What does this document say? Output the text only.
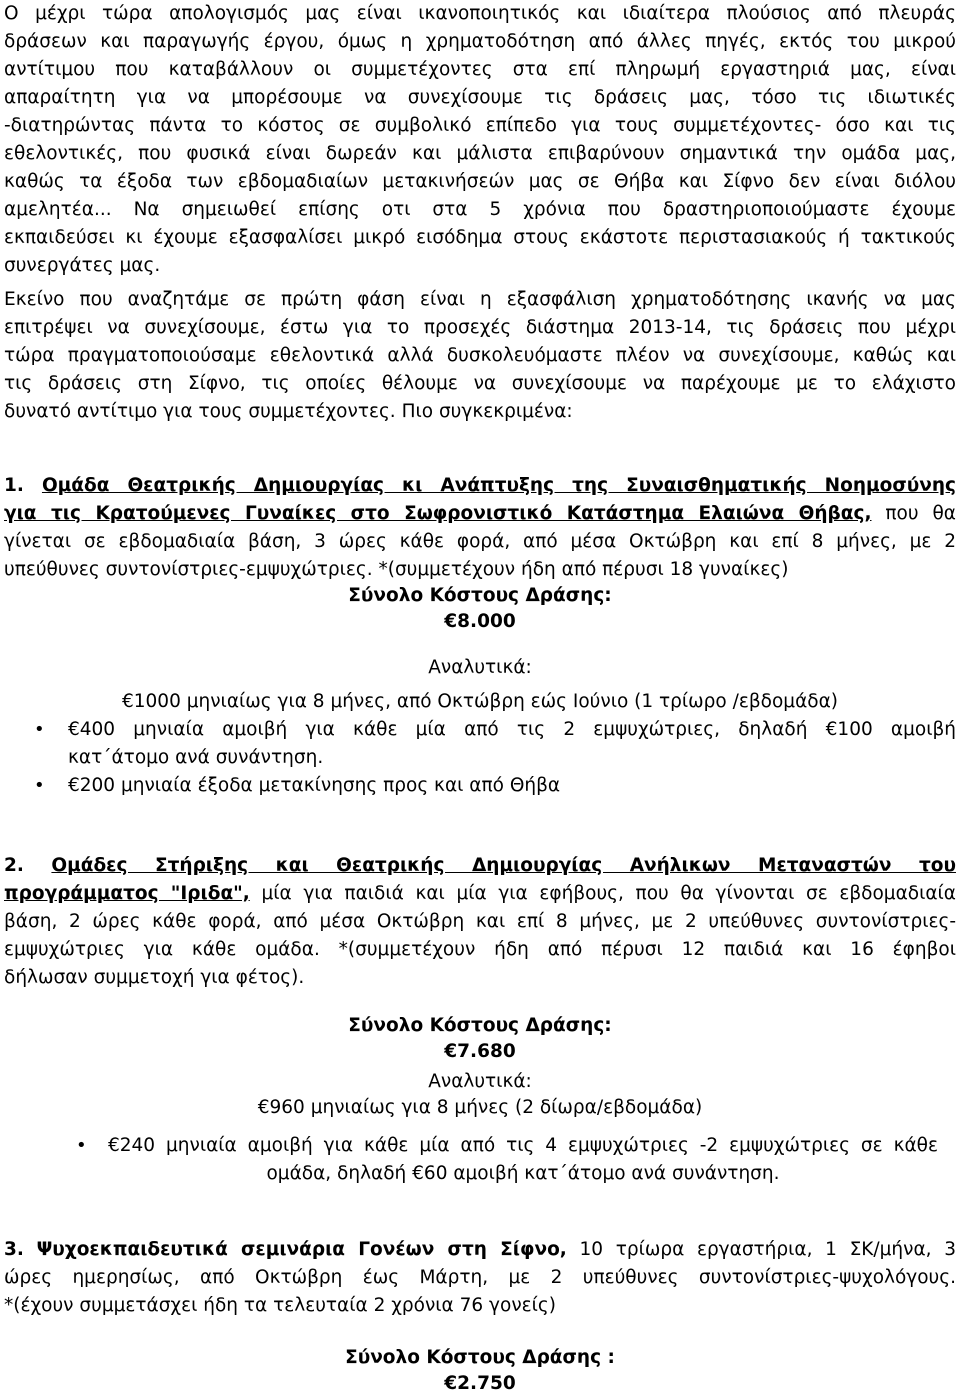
Ο μέχρι τώρα απολογισμός μας είναι ικανοποιητικός και ιδιαίτερα πλούσιος από πλευράς
δράσεων και παραγωγής έργου, όμως η χρηματοδότηση από άλλες πηγές, εκτός του μικρού
αντίτιμου που καταβάλλουν οι συμμετέχοντες στα επί πληρωμή εργαστηριά μας, είναι
απαραίτητη για να μπορέσουμε να συνεχίσουμε τις δράσεις μας, τόσο τις ιδιωτικές
-διατηρώντας πάντα το κόστος σε συμβολικό επίπεδο για τους συμμετέχοντες- όσο και τις
εθελοντικές, που φυσικά είναι δωρεάν και μάλιστα επιβαρύνουν σημαντικά την ομάδα μας,
καθώς τα έξοδα των εβδομαδιαίων μετακινήσεών μας σε Θήβα και Σίφνο δεν είναι διόλου
αμελητέα... Να σημειωθεί επίσης οτι στα 5 χρόνια που δραστηριοποιούμαστε έχουμε
εκπαιδεύσει κι έχουμε εξασφαλίσει μικρό εισόδημα στους εκάστοτε περιστασιακούς ή τακτικούς
συνεργάτες μας.
Εκείνο που αναζητάμε σε πρώτη φάση είναι η εξασφάλιση χρηματοδότησης ικανής να μας
επιτρέψει να συνεχίσουμε, έστω για το προσεχές διάστημα 2013-14, τις δράσεις που μέχρι
τώρα πραγματοποιούσαμε εθελοντικά αλλά δυσκολευόμαστε πλέον να συνεχίσουμε, καθώς και
τις δράσεις στη Σίφνο, τις οποίες θέλουμε να συνεχίσουμε να παρέχουμε με το ελάχιστο
δυνατό αντίτιμο για τους συμμετέχοντες. Πιο συγκεκριμένα:
1. Ομάδα Θεατρικής Δημιουργίας κι Ανάπτυξης της Συναισθηματικής Νοημοσύνης
για τις Κρατούμενες Γυναίκες στο Σωφρονιστικό Κατάστημα Ελαιώνα Θήβας, που θα
γίνεται σε εβδομαδιαία βάση, 3 ώρες κάθε φορά, από μέσα Οκτώβρη και επί 8 μήνες, με 2
υπεύθυνες συντονίστριες-εμψυχώτριες. *(συμμετέχουν ήδη από πέρυσι 18 γυναίκες)
Σύνολο Κόστους Δράσης:
€8.000
Αναλυτικά:
€1000 μηνιαίως για 8 μήνες, από Οκτώβρη εώς Ιούνιο (1 τρίωρο /εβδομάδα)
• €400 μηνιαία αμοιβή για κάθε μία από τις 2 εμψυχώτριες, δηλαδή €100 αμοιβή
κατ΄άτομο ανά συνάντηση.
• €200 μηνιαία έξοδα μετακίνησης προς και από Θήβα
2. Ομάδες Στήριξης και Θεατρικής Δημιουργίας Ανήλικων Μεταναστών του
προγράμματος "Ιριδα", μία για παιδιά και μία για εφήβους, που θα γίνονται σε εβδομαδιαία
βάση, 2 ώρες κάθε φορά, από μέσα Οκτώβρη και επί 8 μήνες, με 2 υπεύθυνες συντονίστριες-
εμψυχώτριες για κάθε ομάδα. *(συμμετέχουν ήδη από πέρυσι 12 παιδιά και 16 έφηβοι
δήλωσαν συμμετοχή για φέτος).
Σύνολο Κόστους Δράσης:
€7.680
Αναλυτικά:
€960 μηνιαίως για 8 μήνες (2 δίωρα/εβδομάδα)
• €240 μηνιαία αμοιβή για κάθε μία από τις 4 εμψυχώτριες -2 εμψυχώτριες σε κάθε
ομάδα, δηλαδή €60 αμοιβή κατ΄άτομο ανά συνάντηση.
3. Ψυχοεκπαιδευτικά σεμινάρια Γονέων στη Σίφνο, 10 τρίωρα εργαστήρια, 1 ΣΚ/μήνα, 3
ώρες ημερησίως, από Οκτώβρη έως Μάρτη, με 2 υπεύθυνες συντονίστριες-ψυχολόγους.
*(έχουν συμμετάσχει ήδη τα τελευταία 2 χρόνια 76 γονείς)
Σύνολο Κόστους Δράσης :
€2.750
